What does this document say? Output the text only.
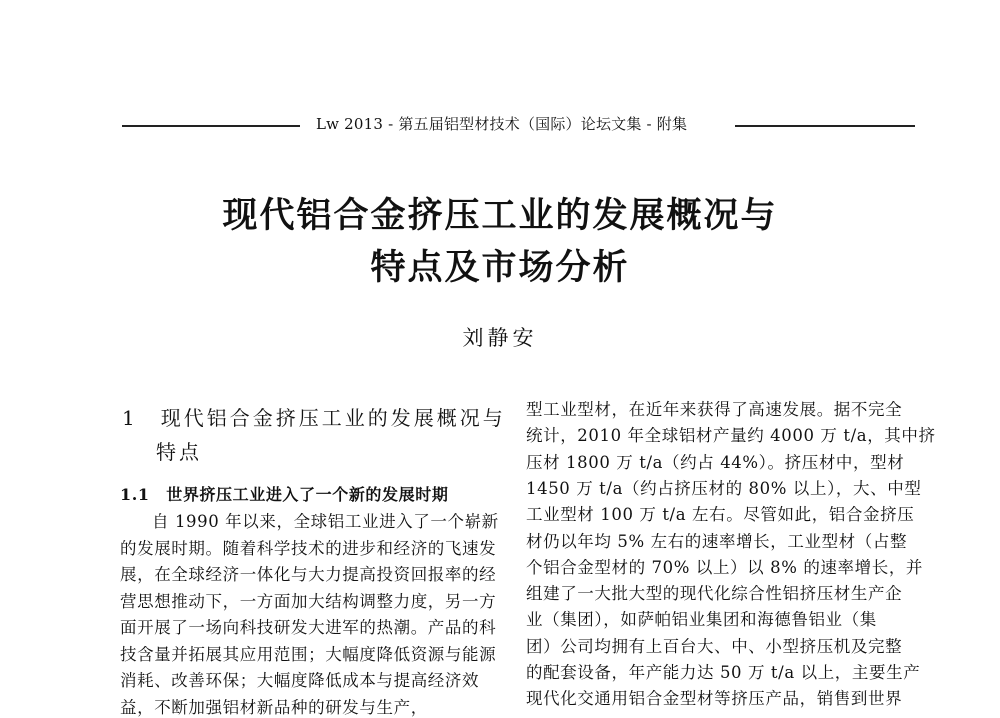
Lw 2013 - 第五届铝型材技术（国际）论坛文集 - 附集
现代铝合金挤压工业的发展概况与
特点及市场分析
刘静安
1　现代铝合金挤压工业的发展概况与
特点
1.1　世界挤压工业进入了一个新的发展时期
自 1990 年以来，全球铝工业进入了一个崭新
的发展时期。随着科学技术的进步和经济的飞速发
展，在全球经济一体化与大力提高投资回报率的经
营思想推动下，一方面加大结构调整力度，另一方
面开展了一场向科技研发大进军的热潮。产品的科
技含量并拓展其应用范围；大幅度降低资源与能源
消耗、改善环保；大幅度降低成本与提高经济效
益，不断加强铝材新品种的研发与生产，
型工业型材，在近年来获得了高速发展。据不完全
统计，2010 年全球铝材产量约 4000 万 t/a，其中挤
压材 1800 万 t/a（约占 44%）。挤压材中，型材
1450 万 t/a（约占挤压材的 80% 以上），大、中型
工业型材 100 万 t/a 左右。尽管如此，铝合金挤压
材仍以年均 5% 左右的速率增长，工业型材（占整
个铝合金型材的 70% 以上）以 8% 的速率增长，并
组建了一大批大型的现代化综合性铝挤压材生产企
业（集团），如萨帕铝业集团和海德鲁铝业（集
团）公司均拥有上百台大、中、小型挤压机及完整
的配套设备，年产能力达 50 万 t/a 以上，主要生产
现代化交通用铝合金型材等挤压产品，销售到世界
